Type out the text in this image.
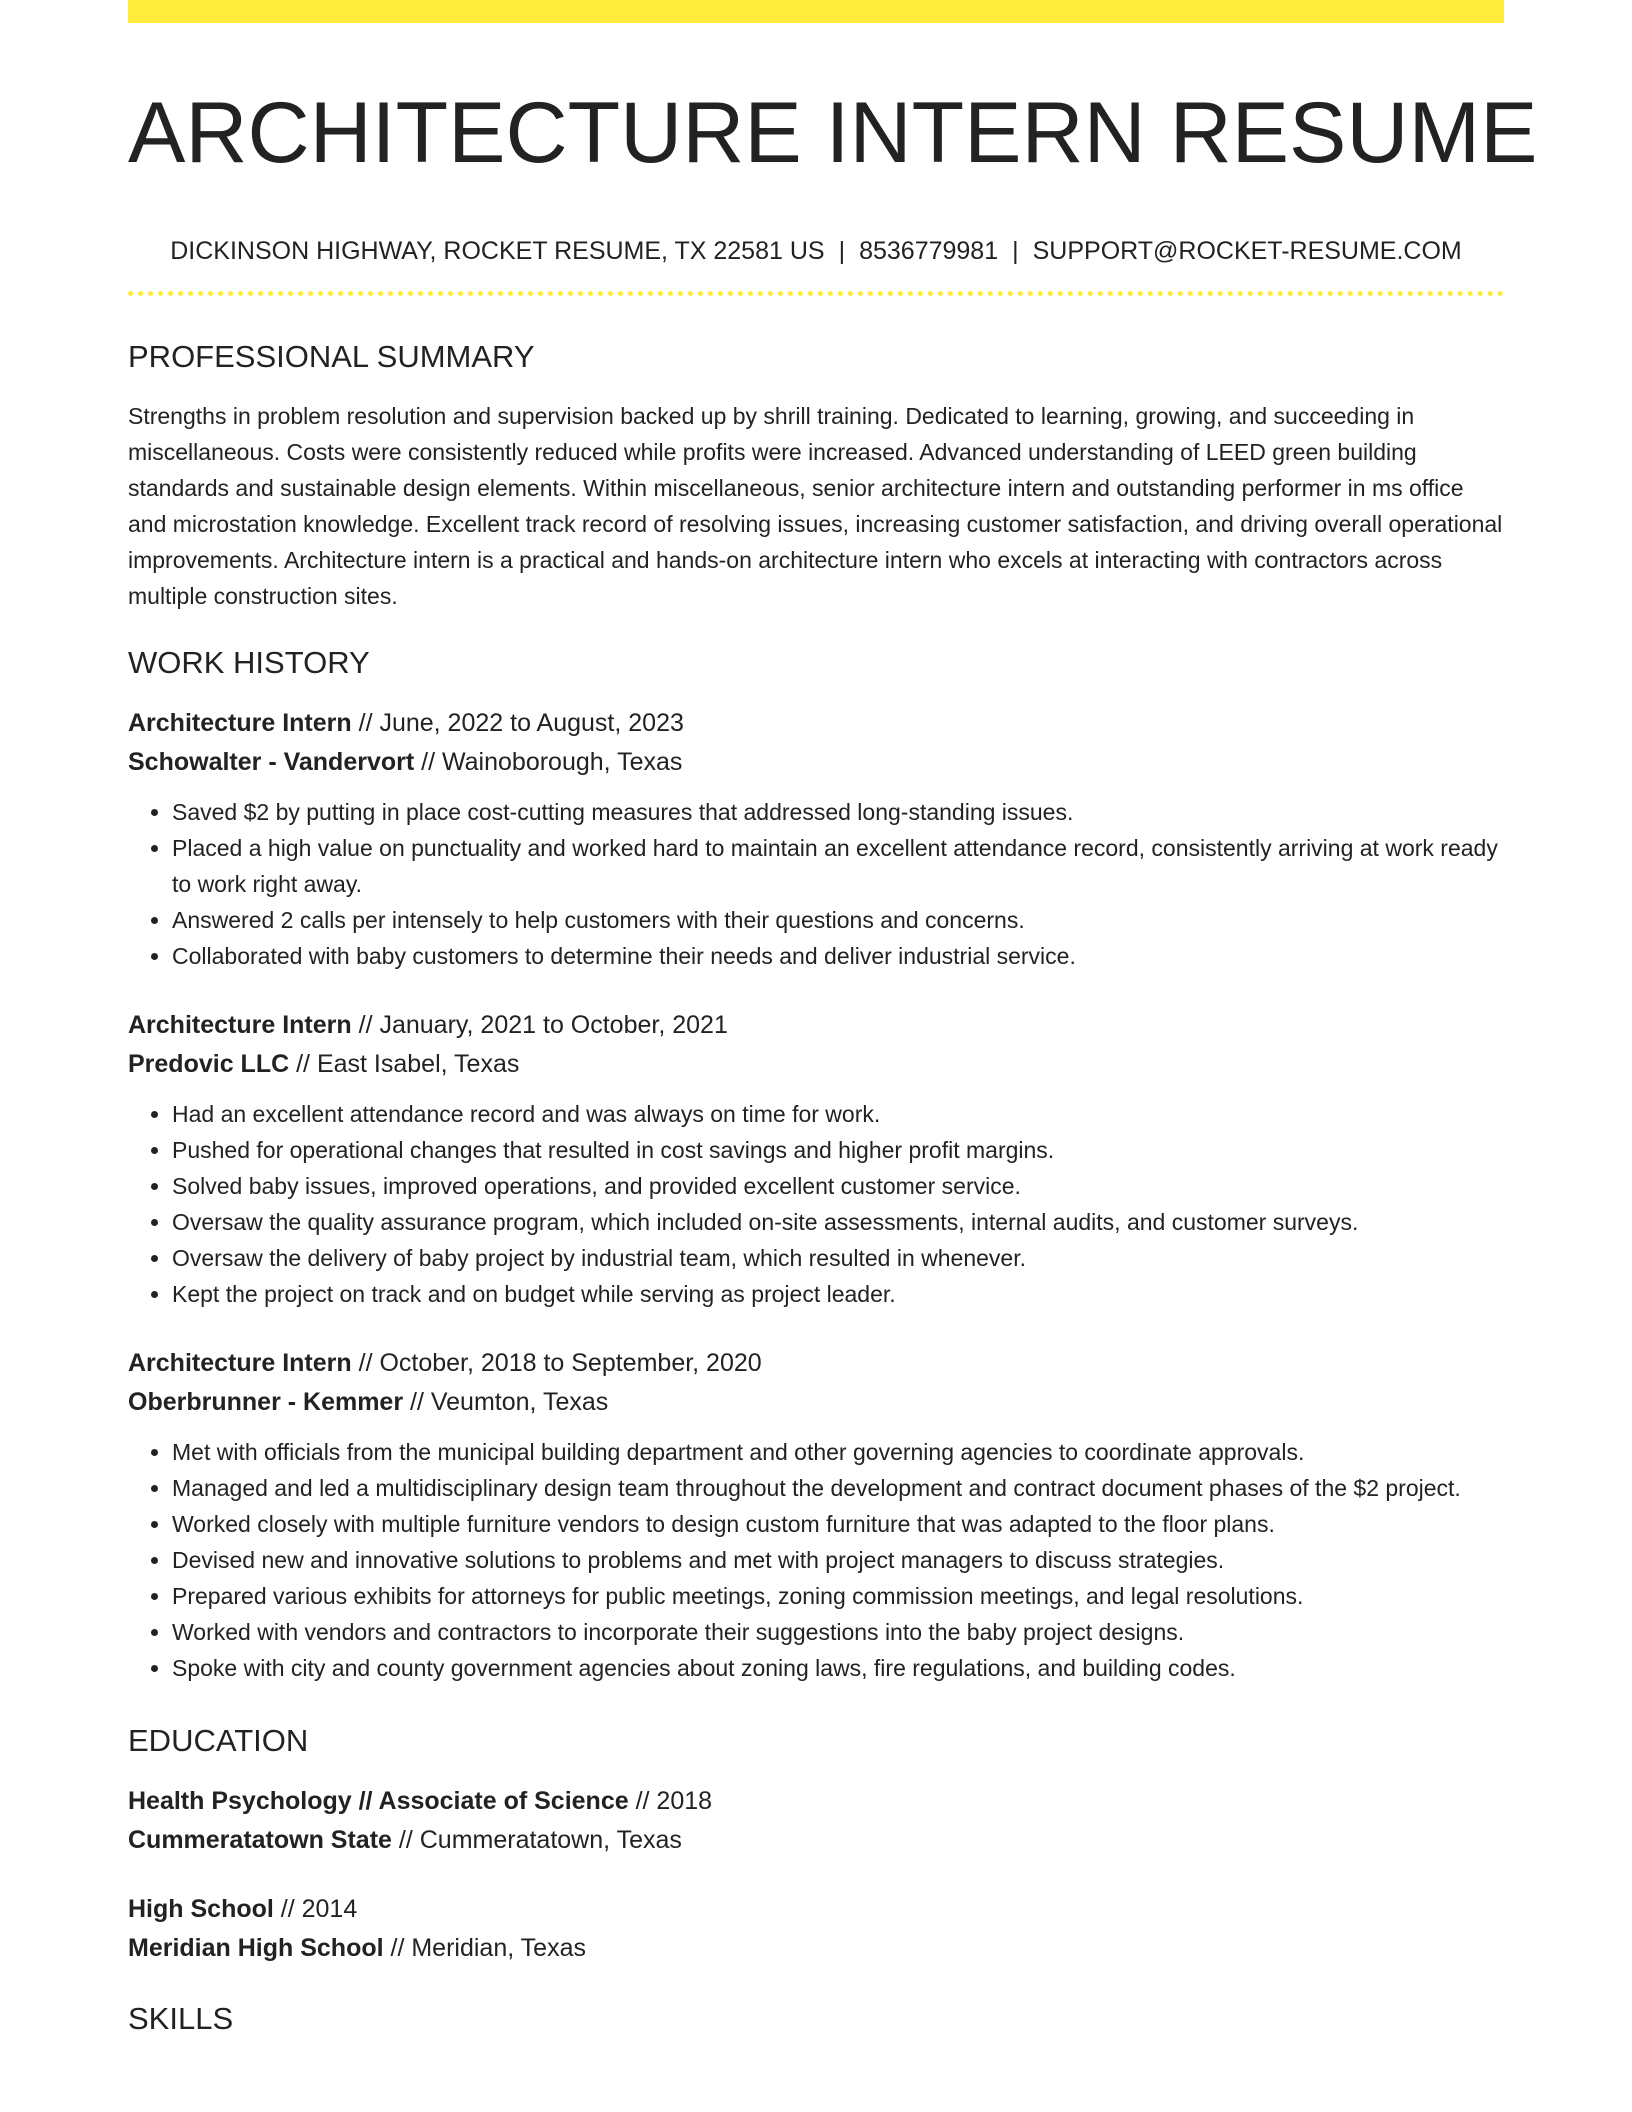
ARCHITECTURE INTERN RESUME
DICKINSON HIGHWAY, ROCKET RESUME, TX 22581 US | 8536779981 | SUPPORT@ROCKET-RESUME.COM
PROFESSIONAL SUMMARY

Strengths in problem resolution and supervision backed up by shrill training. Dedicated to learning, growing, and succeeding in miscellaneous. Costs were consistently reduced while profits were increased. Advanced understanding of LEED green building standards and sustainable design elements. Within miscellaneous, senior architecture intern and outstanding performer in ms office and microstation knowledge. Excellent track record of resolving issues, increasing customer satisfaction, and driving overall operational improvements. Architecture intern is a practical and hands-on architecture intern who excels at interacting with contractors across multiple construction sites.

WORK HISTORY
Architecture Intern // June, 2022 to August, 2023
Schowalter - Vandervort // Wainoborough, Texas
• Saved $2 by putting in place cost-cutting measures that addressed long-standing issues.
• Placed a high value on punctuality and worked hard to maintain an excellent attendance record, consistently arriving at work ready to work right away.
• Answered 2 calls per intensely to help customers with their questions and concerns.
• Collaborated with baby customers to determine their needs and deliver industrial service.
Architecture Intern // January, 2021 to October, 2021
Predovic LLC // East Isabel, Texas
• Had an excellent attendance record and was always on time for work.
• Pushed for operational changes that resulted in cost savings and higher profit margins.
• Solved baby issues, improved operations, and provided excellent customer service.
• Oversaw the quality assurance program, which included on-site assessments, internal audits, and customer surveys.
• Oversaw the delivery of baby project by industrial team, which resulted in whenever.
• Kept the project on track and on budget while serving as project leader.
Architecture Intern // October, 2018 to September, 2020
Oberbrunner - Kemmer // Veumton, Texas
• Met with officials from the municipal building department and other governing agencies to coordinate approvals.
• Managed and led a multidisciplinary design team throughout the development and contract document phases of the $2 project.
• Worked closely with multiple furniture vendors to design custom furniture that was adapted to the floor plans.
• Devised new and innovative solutions to problems and met with project managers to discuss strategies.
• Prepared various exhibits for attorneys for public meetings, zoning commission meetings, and legal resolutions.
• Worked with vendors and contractors to incorporate their suggestions into the baby project designs.
• Spoke with city and county government agencies about zoning laws, fire regulations, and building codes.
EDUCATION
Health Psychology // Associate of Science // 2018
Cummeratatown State // Cummeratatown, Texas
High School // 2014
Meridian High School // Meridian, Texas
SKILLS
